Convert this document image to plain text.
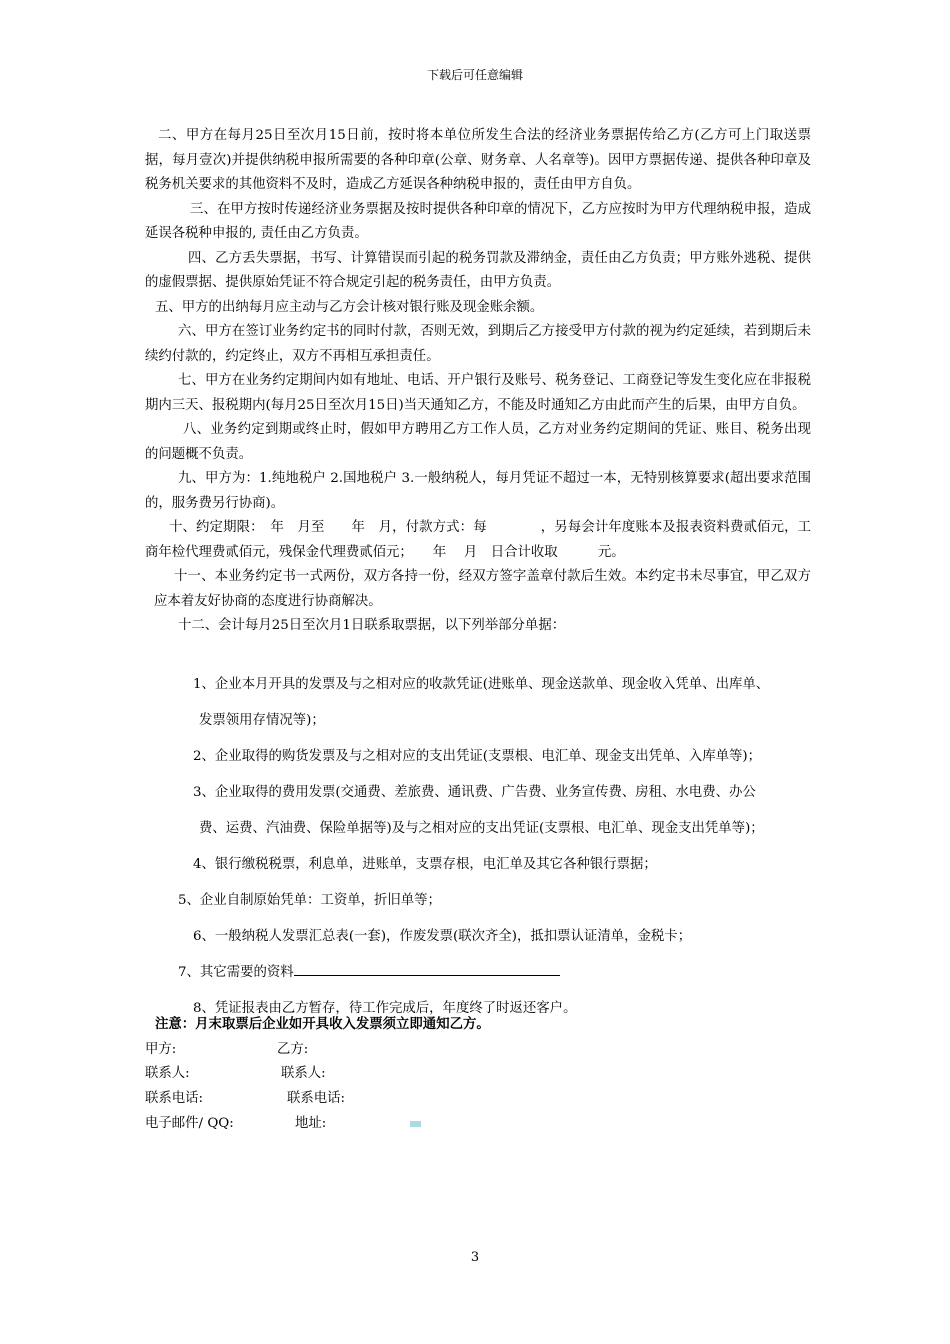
下载后可任意编辑

二、甲方在每月25日至次月15日前，按时将本单位所发生合法的经济业务票据传给乙方(乙方可上门取送票据，每月壹次)并提供纳税申报所需要的各种印章(公章、财务章、人名章等)。因甲方票据传递、提供各种印章及税务机关要求的其他资料不及时，造成乙方延误各种纳税申报的，责任由甲方自负。

三、在甲方按时传递经济业务票据及按时提供各种印章的情况下，乙方应按时为甲方代理纳税申报，造成延误各税种申报的, 责任由乙方负责。

四、乙方丢失票据，书写、计算错误而引起的税务罚款及滞纳金，责任由乙方负责；甲方账外逃税、提供的虚假票据、提供原始凭证不符合规定引起的税务责任，由甲方负责。

五、甲方的出纳每月应主动与乙方会计核对银行账及现金账余额。

六、甲方在签订业务约定书的同时付款，否则无效，到期后乙方接受甲方付款的视为约定延续，若到期后未续约付款的，约定终止，双方不再相互承担责任。

七、甲方在业务约定期间内如有地址、电话、开户银行及账号、税务登记、工商登记等发生变化应在非报税期内三天、报税期内(每月25日至次月15日)当天通知乙方，不能及时通知乙方由此而产生的后果，由甲方自负。

八、业务约定到期或终止时，假如甲方聘用乙方工作人员，乙方对业务约定期间的凭证、账目、税务出现的问题概不负责。

九、甲方为：1.纯地税户 2.国地税户 3.一般纳税人，每月凭证不超过一本，无特别核算要求(超出要求范围的，服务费另行协商)。

十、约定期限：　年　月至　　年　月，付款方式：每　　　　，另每会计年度账本及报表资料费贰佰元，工商年检代理费贰佰元，残保金代理费贰佰元；　　年　 月　日合计收取　　　元。

十一、本业务约定书一式两份，双方各持一份，经双方签字盖章付款后生效。本约定书未尽事宜，甲乙双方应本着友好协商的态度进行协商解决。

十二、会计每月25日至次月1日联系取票据，以下列举部分单据：

1、企业本月开具的发票及与之相对应的收款凭证(进账单、现金送款单、现金收入凭单、出库单、

发票领用存情况等)；

2、企业取得的购货发票及与之相对应的支出凭证(支票根、电汇单、现金支出凭单、入库单等)；

3、企业取得的费用发票(交通费、差旅费、通讯费、广告费、业务宣传费、房租、水电费、办公

费、运费、汽油费、保险单据等)及与之相对应的支出凭证(支票根、电汇单、现金支出凭单等)；

4、银行缴税税票，利息单，进账单，支票存根，电汇单及其它各种银行票据；

5、企业自制原始凭单：工资单，折旧单等；

6、一般纳税人发票汇总表(一套)，作废发票(联次齐全)，抵扣票认证清单，金税卡；

7、其它需要的资料

8、凭证报表由乙方暂存，待工作完成后，年度终了时返还客户。

注意：月末取票后企业如开具收入发票须立即通知乙方。
甲方:	乙方:
联系人:	联系人:
联系电话:	联系电话:
电子邮件/ QQ:	地址:
3
